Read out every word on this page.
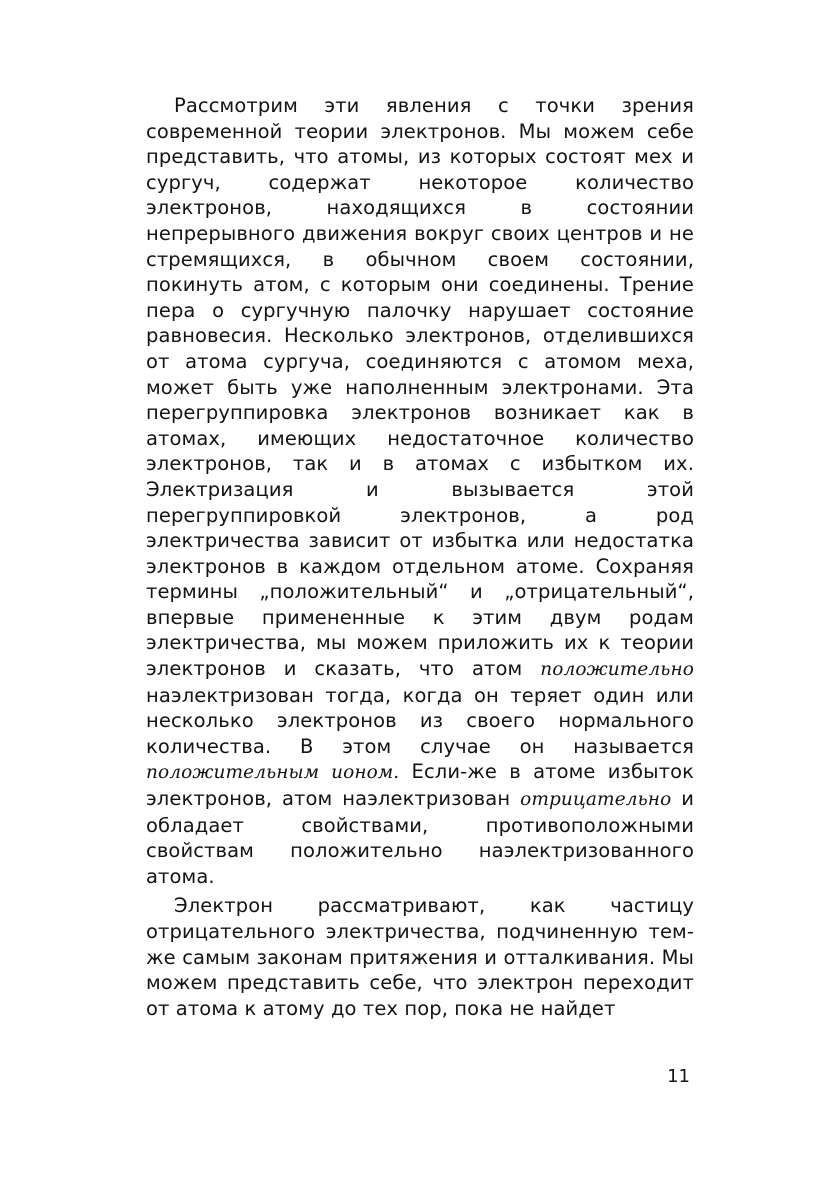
Рассмотрим эти явления с точки зрения современной теории электронов. Мы можем себе представить, что атомы, из которых состоят мех и сургуч, содержат некоторое количество электронов, находящихся в состоянии непрерывного движения вокруг своих центров и не стремящихся, в обычном своем состоянии, покинуть атом, с которым они соединены. Трение пера о сургучную палочку нарушает состояние равновесия. Несколько электронов, отделившихся от атома сургуча, соединяются с атомом меха, может быть уже наполненным электронами. Эта перегруппировка электронов возникает как в атомах, имеющих недостаточное количество электронов, так и в атомах с избытком их. Электризация и вызывается этой перегруппировкой электронов, а род электричества зависит от избытка или недостатка электронов в каждом отдельном атоме. Сохраняя термины „положительный“ и „отрицательный“, впервые примененные к этим двум родам электричества, мы можем приложить их к теории электронов и сказать, что атом положительно наэлектризован тогда, когда он теряет один или несколько электронов из своего нормального количества. В этом случае он называется положительным ионом. Если-же в атоме избыток электронов, атом наэлектризован отрицательно и обладает свойствами, противоположными свойствам положительно наэлектризованного атома.

Электрон рассматривают, как частицу отрицательного электричества, подчиненную тем-же самым законам притяжения и отталкивания. Мы можем представить себе, что электрон переходит от атома к атому до тех пор, пока не найдет

11
